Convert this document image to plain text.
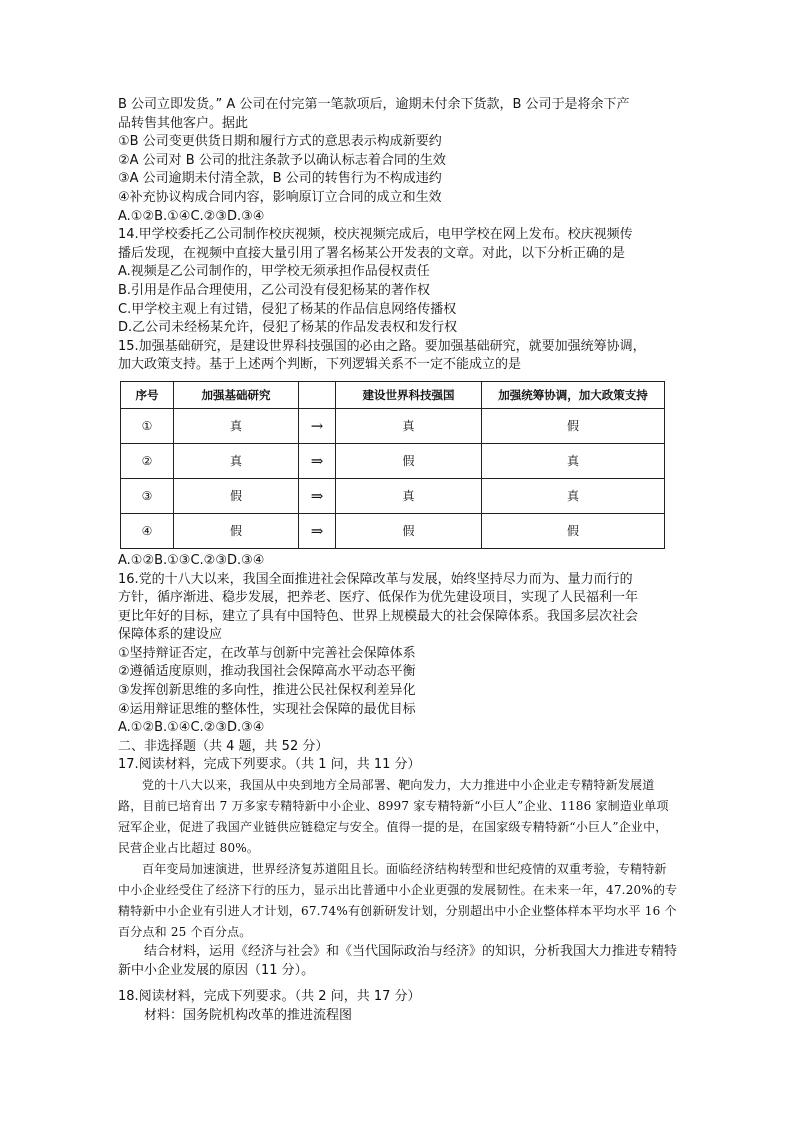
B 公司立即发货。” A 公司在付完第一笔款项后，逾期未付余下货款，B 公司于是将余下产

品转售其他客户。据此

①B 公司变更供货日期和履行方式的意思表示构成新要约

②A 公司对 B 公司的批注条款予以确认标志着合同的生效

③A 公司逾期未付清全款，B 公司的转售行为不构成违约

④补充协议构成合同内容，影响原订立合同的成立和生效

A.①②B.①④C.②③D.③④

14.甲学校委托乙公司制作校庆视频，校庆视频完成后，电甲学校在网上发布。校庆视频传

播后发现，在视频中直接大量引用了署名杨某公开发表的文章。对此，以下分析正确的是

A.视频是乙公司制作的，甲学校无须承担作品侵权责任

B.引用是作品合理使用，乙公司没有侵犯杨某的著作权

C.甲学校主观上有过错，侵犯了杨某的作品信息网络传播权

D.乙公司未经杨某允许，侵犯了杨某的作品发表权和发行权

15.加强基础研究，是建设世界科技强国的必由之路。要加强基础研究，就要加强统筹协调，

加大政策支持。基于上述两个判断，下列逻辑关系不一定不能成立的是

序号	加强基础研究		建设世界科技强国	加强统筹协调，加大政策支持
①	真	→	真	假
②	真	⇒	假	真
③	假	⇒	真	真
④	假	⇒	假	假

A.①②B.①③C.②③D.③④

16.党的十八大以来，我国全面推进社会保障改革与发展，始终坚持尽力而为、量力而行的

方针，循序渐进、稳步发展，把养老、医疗、低保作为优先建设项目，实现了人民福利一年

更比年好的目标，建立了具有中国特色、世界上规模最大的社会保障体系。我国多层次社会

保障体系的建设应

①坚持辩证否定，在改革与创新中完善社会保障体系

②遵循适度原则，推动我国社会保障高水平动态平衡

③发挥创新思维的多向性，推进公民社保权利差异化

④运用辩证思维的整体性，实现社会保障的最优目标

A.①②B.①④C.②③D.③④

二、非选择题（共 4 题，共 52 分）

17.阅读材料，完成下列要求。（共 1 问，共 11 分）

党的十八大以来，我国从中央到地方全局部署、靶向发力，大力推进中小企业走专精特新发展道路，目前已培育出 7 万多家专精特新中小企业、8997 家专精特新“小巨人”企业、1186 家制造业单项冠军企业，促进了我国产业链供应链稳定与安全。值得一提的是，在国家级专精特新“小巨人”企业中，民营企业占比超过 80%。

百年变局加速演进，世界经济复苏道阻且长。面临经济结构转型和世纪疫情的双重考验，专精特新中小企业经受住了经济下行的压力，显示出比普通中小企业更强的发展韧性。在未来一年，47.20%的专精特新中小企业有引进人才计划，67.74%有创新研发计划，分别超出中小企业整体样本平均水平 16 个百分点和 25 个百分点。

结合材料，运用《经济与社会》和《当代国际政治与经济》的知识，分析我国大力推进专精特新中小企业发展的原因（11 分）。

18.阅读材料，完成下列要求。（共 2 问，共 17 分）

材料：国务院机构改革的推进流程图
